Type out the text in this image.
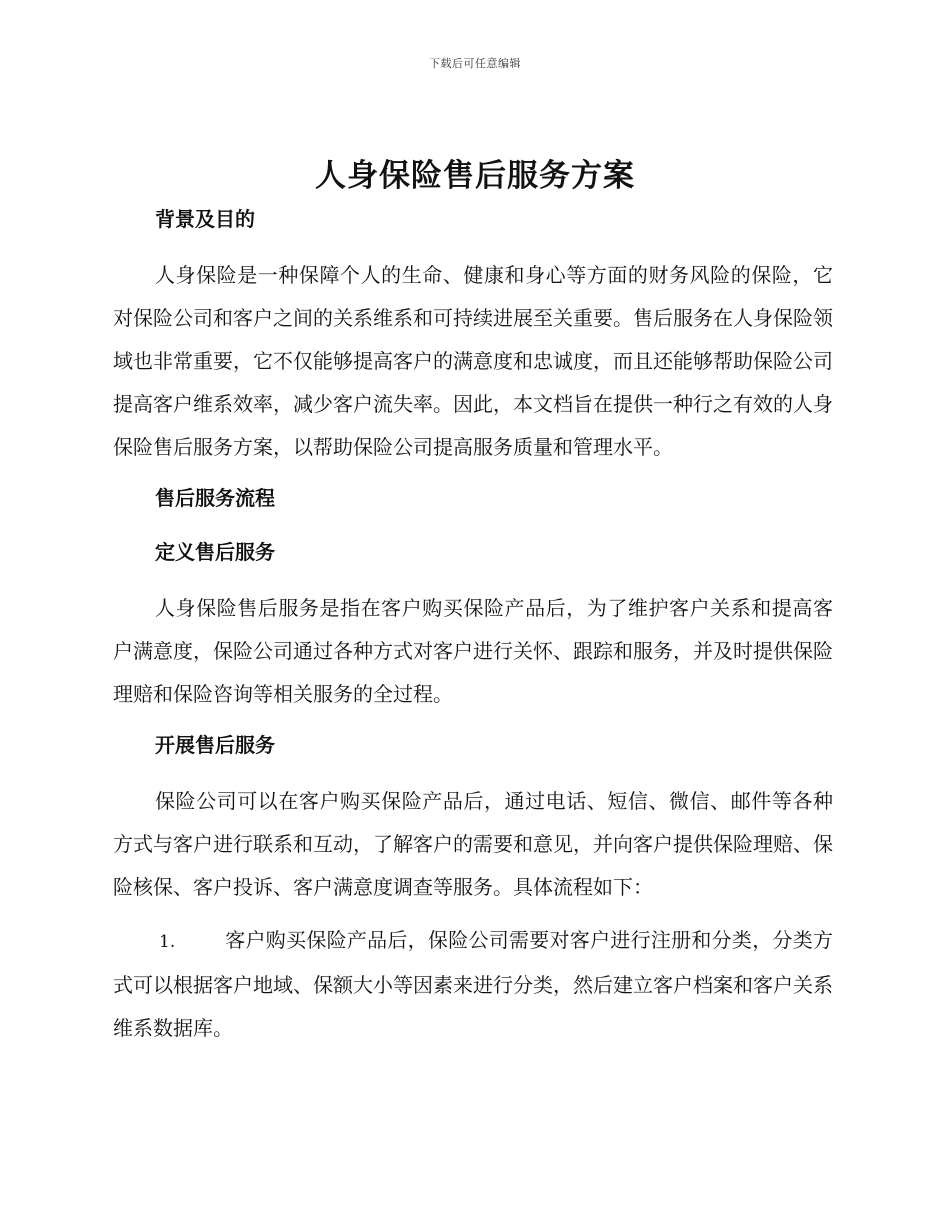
下载后可任意编辑
人身保险售后服务方案
背景及目的

人身保险是一种保障个人的生命、健康和身心等方面的财务风险的保险，它对保险公司和客户之间的关系维系和可持续进展至关重要。售后服务在人身保险领域也非常重要，它不仅能够提高客户的满意度和忠诚度，而且还能够帮助保险公司提高客户维系效率，减少客户流失率。因此，本文档旨在提供一种行之有效的人身保险售后服务方案，以帮助保险公司提高服务质量和管理水平。

售后服务流程
定义售后服务

人身保险售后服务是指在客户购买保险产品后，为了维护客户关系和提高客户满意度，保险公司通过各种方式对客户进行关怀、跟踪和服务，并及时提供保险理赔和保险咨询等相关服务的全过程。

开展售后服务

保险公司可以在客户购买保险产品后，通过电话、短信、微信、邮件等各种方式与客户进行联系和互动，了解客户的需要和意见，并向客户提供保险理赔、保险核保、客户投诉、客户满意度调查等服务。具体流程如下：

1. 客户购买保险产品后，保险公司需要对客户进行注册和分类，分类方式可以根据客户地域、保额大小等因素来进行分类，然后建立客户档案和客户关系维系数据库。
